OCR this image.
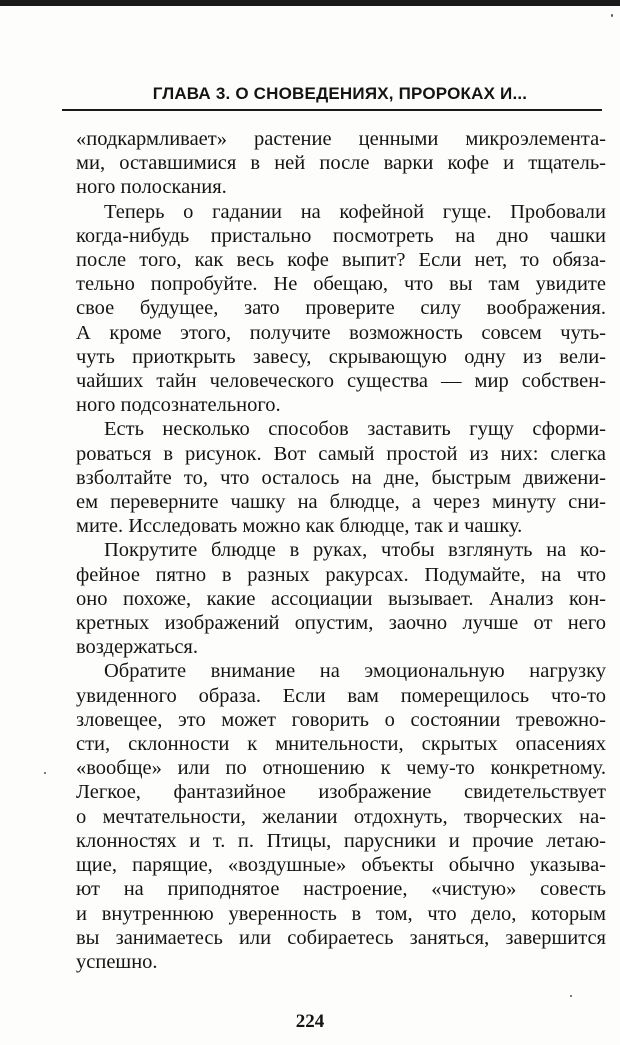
ГЛАВА 3. О СНОВЕДЕНИЯХ, ПРОРОКАХ И...

«подкармливает» растение ценными микроэлемента-
ми, оставшимися в ней после варки кофе и тщатель-
ного полоскания.

Теперь о гадании на кофейной гуще. Пробовали
когда-нибудь пристально посмотреть на дно чашки
после того, как весь кофе выпит? Если нет, то обяза-
тельно попробуйте. Не обещаю, что вы там увидите
свое будущее, зато проверите силу воображения.
А кроме этого, получите возможность совсем чуть-
чуть приоткрыть завесу, скрывающую одну из вели-
чайших тайн человеческого существа — мир собствен-
ного подсознательного.

Есть несколько способов заставить гущу сформи-
роваться в рисунок. Вот самый простой из них: слегка
взболтайте то, что осталось на дне, быстрым движени-
ем переверните чашку на блюдце, а через минуту сни-
мите. Исследовать можно как блюдце, так и чашку.

Покрутите блюдце в руках, чтобы взглянуть на ко-
фейное пятно в разных ракурсах. Подумайте, на что
оно похоже, какие ассоциации вызывает. Анализ кон-
кретных изображений опустим, заочно лучше от него
воздержаться.

Обратите внимание на эмоциональную нагрузку
увиденного образа. Если вам померещилось что-то
зловещее, это может говорить о состоянии тревожно-
сти, склонности к мнительности, скрытых опасениях
«вообще» или по отношению к чему-то конкретному.
Легкое, фантазийное изображение свидетельствует
о мечтательности, желании отдохнуть, творческих на-
клонностях и т. п. Птицы, парусники и прочие летаю-
щие, парящие, «воздушные» объекты обычно указыва-
ют на приподнятое настроение, «чистую» совесть
и внутреннюю уверенность в том, что дело, которым
вы занимаетесь или собираетесь заняться, завершится
успешно.

224
